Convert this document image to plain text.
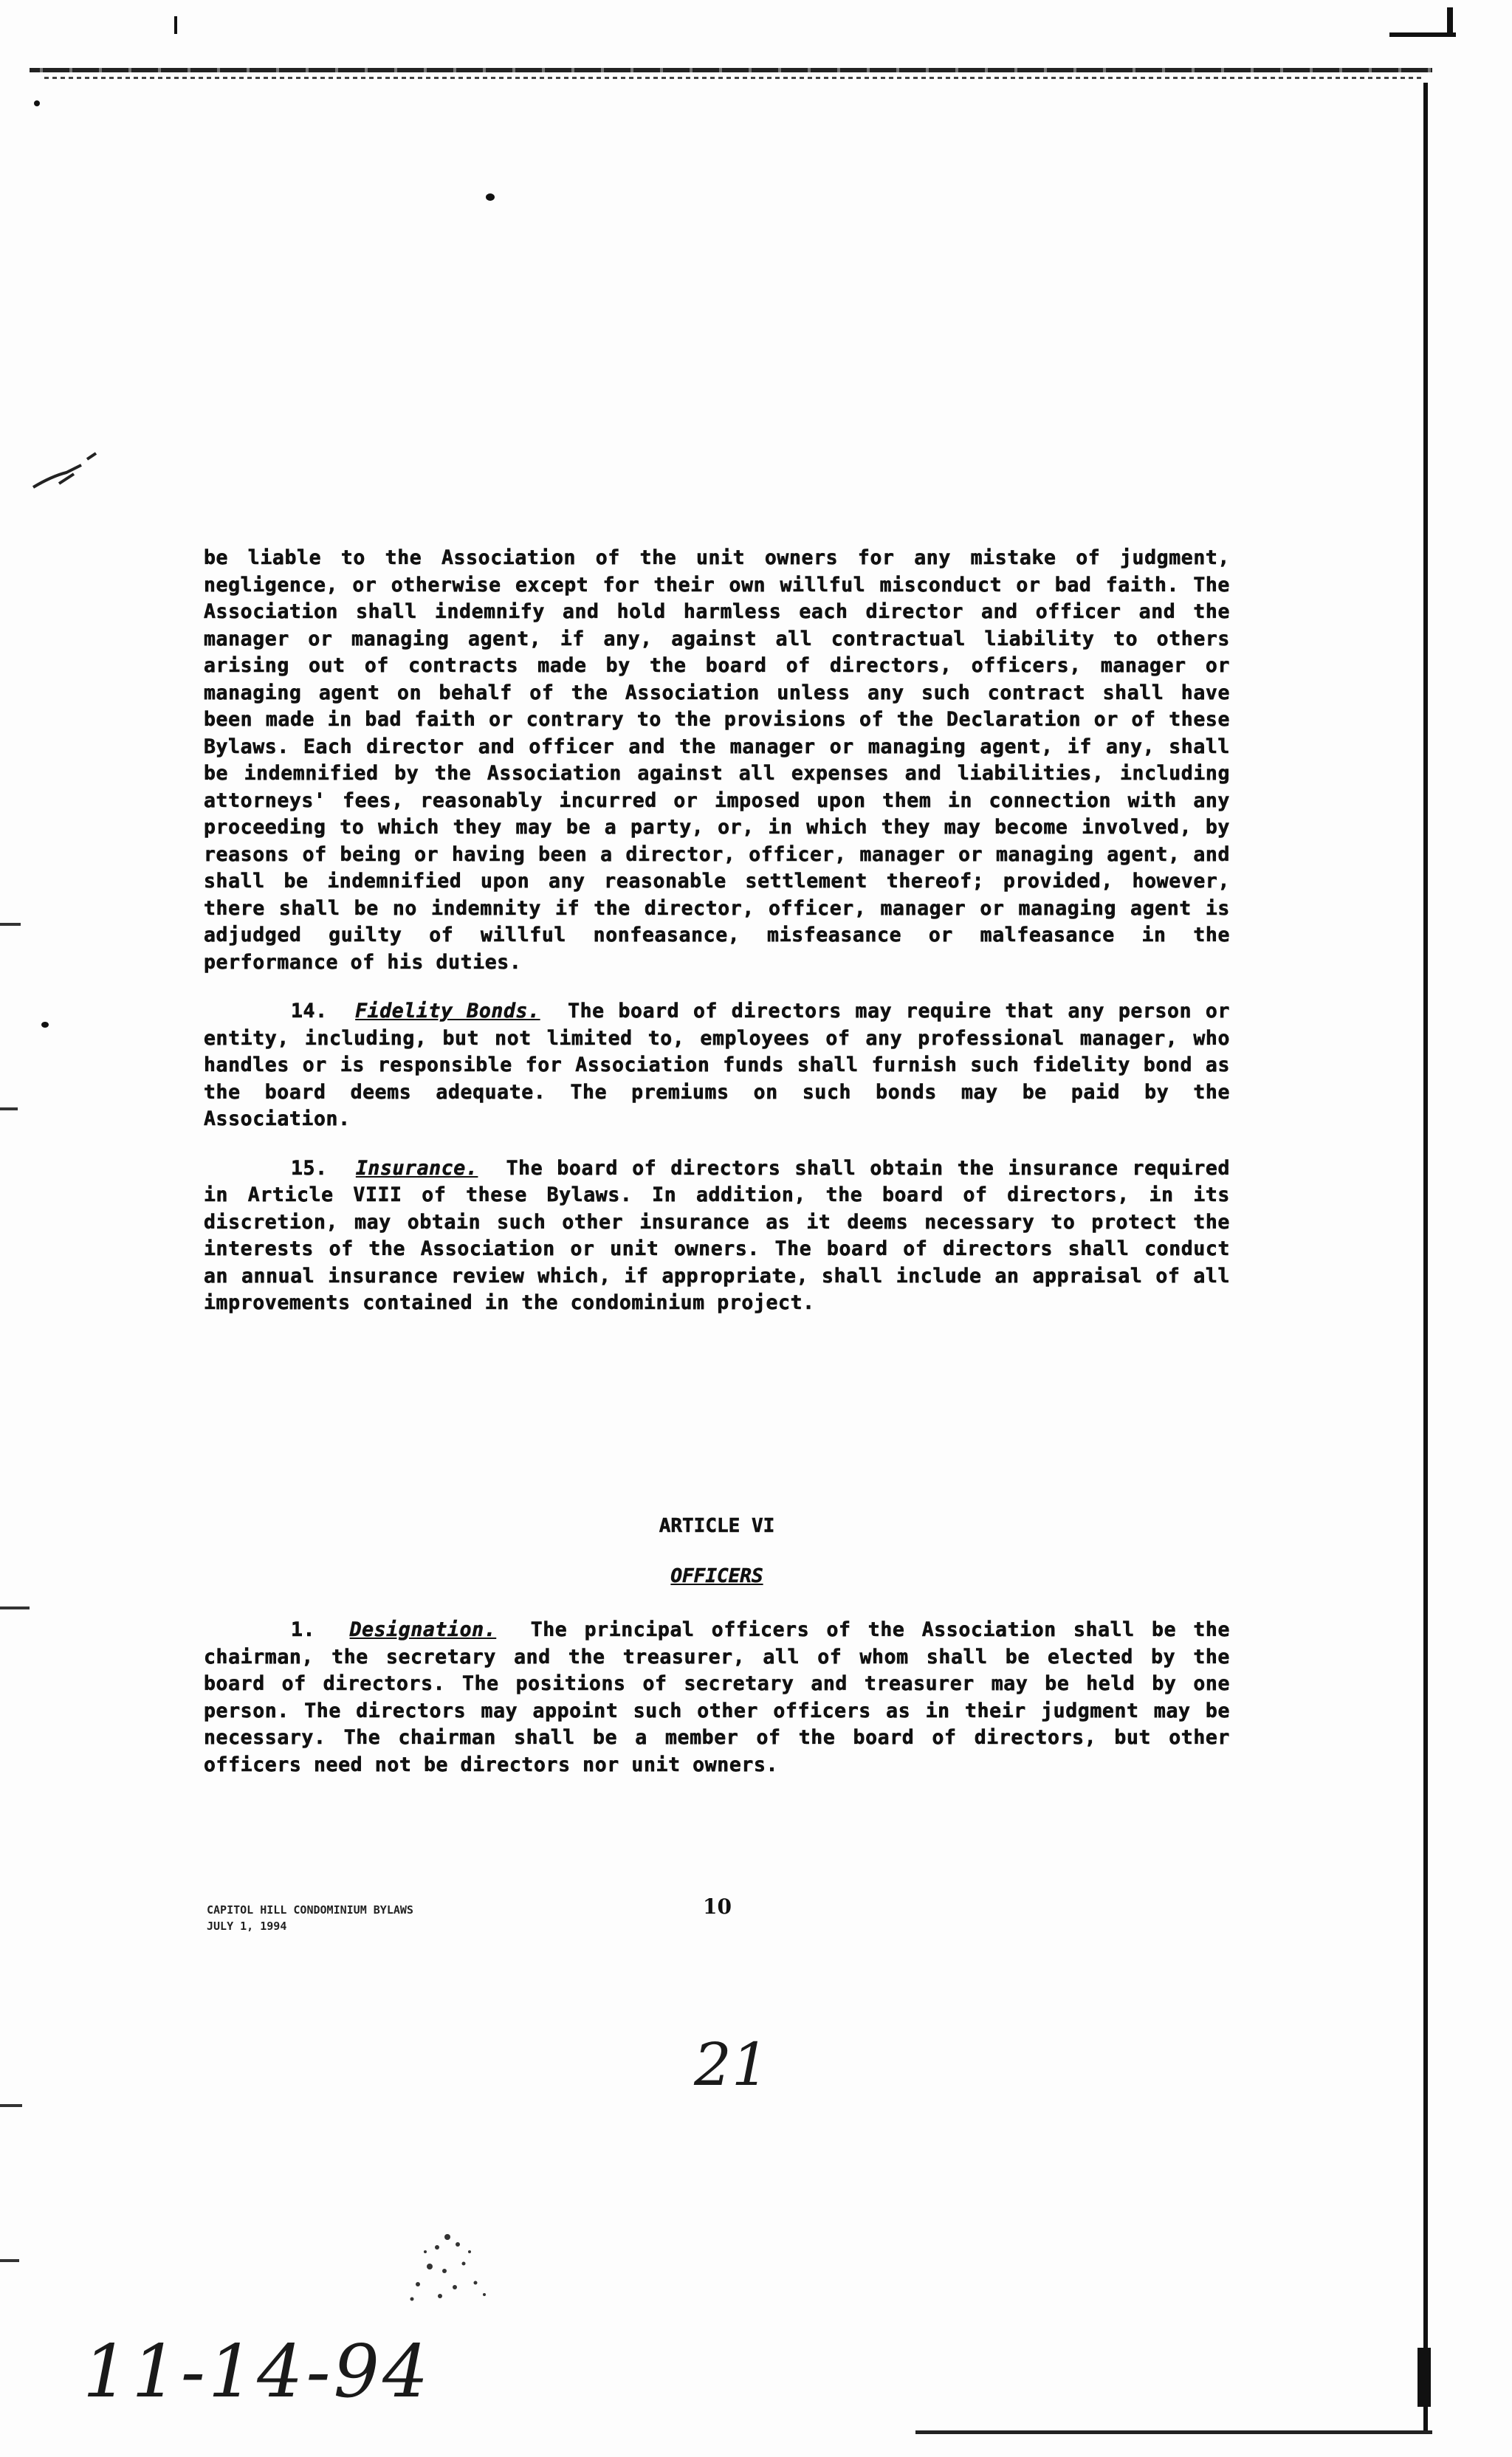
be liable to the Association of the unit owners for any mistake of judgment, negligence, or otherwise except for their own willful misconduct or bad faith. The Association shall indemnify and hold harmless each director and officer and the manager or managing agent, if any, against all contractual liability to others arising out of contracts made by the board of directors, officers, manager or managing agent on behalf of the Association unless any such contract shall have been made in bad faith or contrary to the provisions of the Declaration or of these Bylaws. Each director and officer and the manager or managing agent, if any, shall be indemnified by the Association against all expenses and liabilities, including attorneys' fees, reasonably incurred or imposed upon them in connection with any proceeding to which they may be a party, or, in which they may become involved, by reasons of being or having been a director, officer, manager or managing agent, and shall be indemnified upon any reasonable settlement thereof; provided, however, there shall be no indemnity if the director, officer, manager or managing agent is adjudged guilty of willful nonfeasance, misfeasance or malfeasance in the performance of his duties.

14. Fidelity Bonds. The board of directors may require that any person or entity, including, but not limited to, employees of any professional manager, who handles or is responsible for Association funds shall furnish such fidelity bond as the board deems adequate. The premiums on such bonds may be paid by the Association.

15. Insurance. The board of directors shall obtain the insurance required in Article VIII of these Bylaws. In addition, the board of directors, in its discretion, may obtain such other insurance as it deems necessary to protect the interests of the Association or unit owners. The board of directors shall conduct an annual insurance review which, if appropriate, shall include an appraisal of all improvements contained in the condominium project.

ARTICLE VI
OFFICERS

1. Designation. The principal officers of the Association shall be the chairman, the secretary and the treasurer, all of whom shall be elected by the board of directors. The positions of secretary and treasurer may be held by one person. The directors may appoint such other officers as in their judgment may be necessary. The chairman shall be a member of the board of directors, but other officers need not be directors nor unit owners.

CAPITOL HILL CONDOMINIUM BYLAWS
JULY 1, 1994
10
21
11-14-94
